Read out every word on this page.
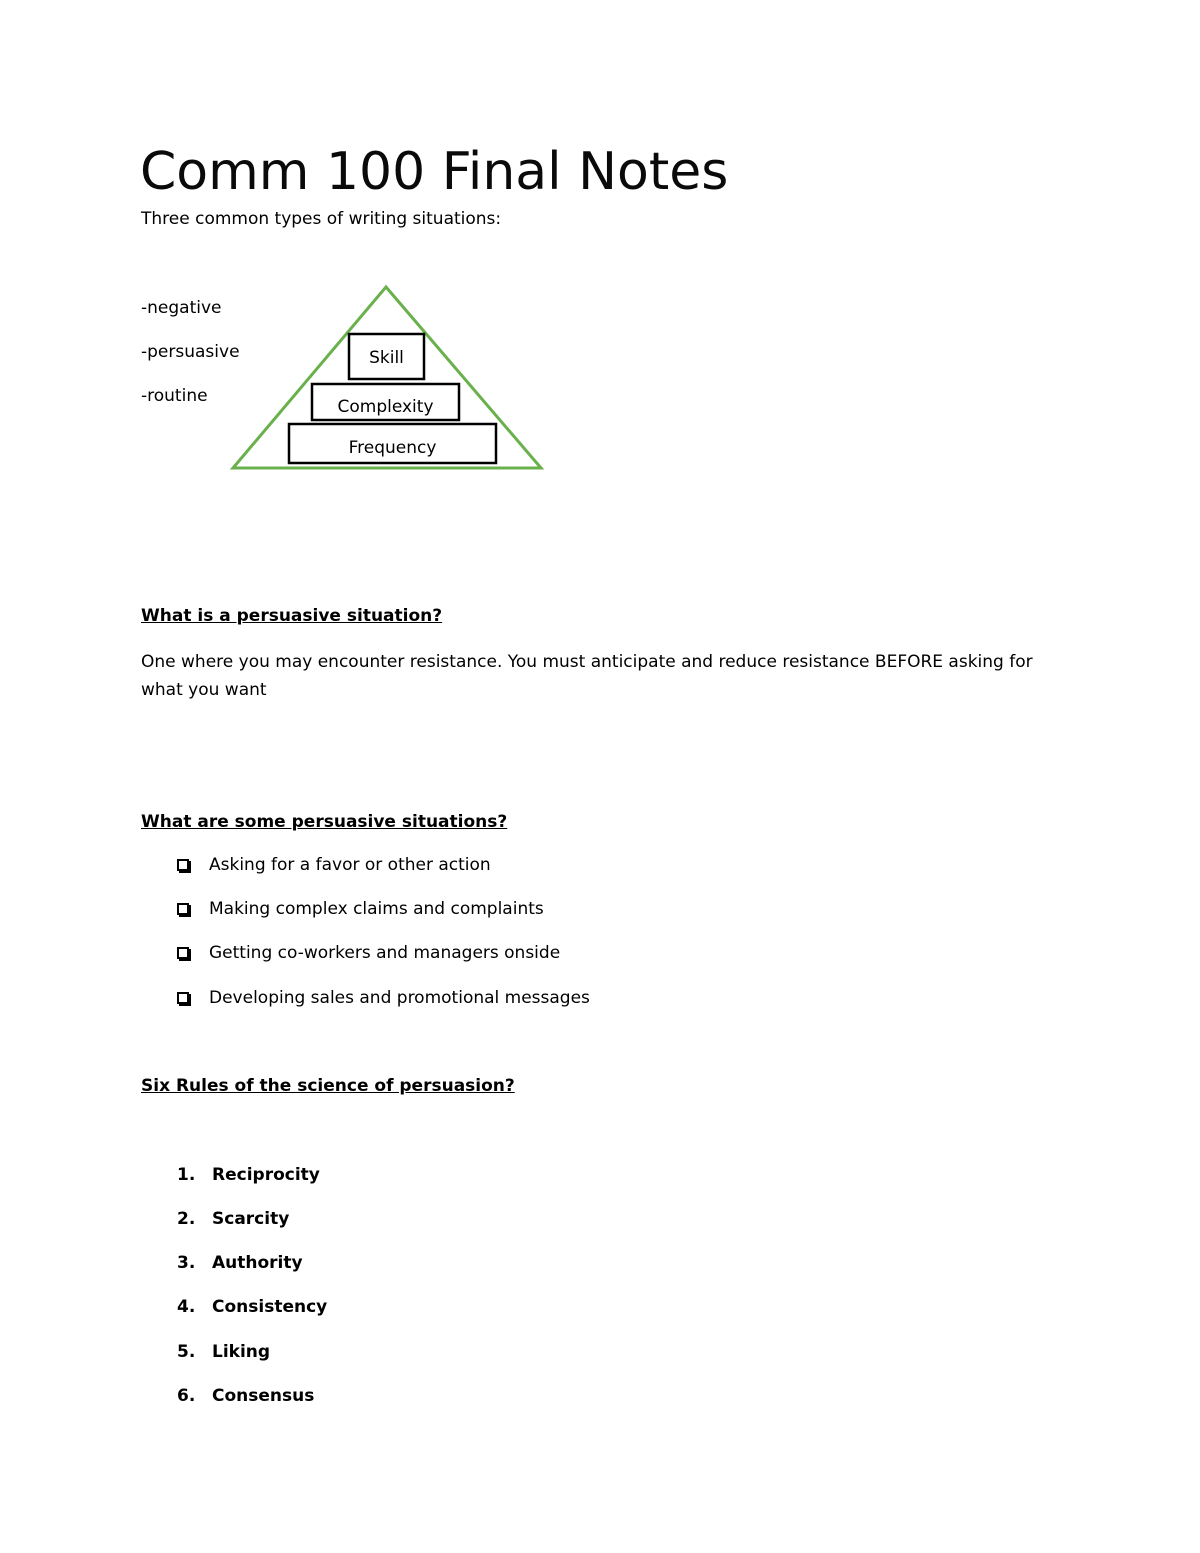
Comm 100 Final Notes
Three common types of writing situations:
-negative
-persuasive
-routine
Skill
Complexity
Frequency
What is a persuasive situation?
One where you may encounter resistance. You must anticipate and reduce resistance BEFORE asking for what you want
What are some persuasive situations?
Asking for a favor or other action
Making complex claims and complaints
Getting co-workers and managers onside
Developing sales and promotional messages
Six Rules of the science of persuasion?
1. Reciprocity
2. Scarcity
3. Authority
4. Consistency
5. Liking
6. Consensus
